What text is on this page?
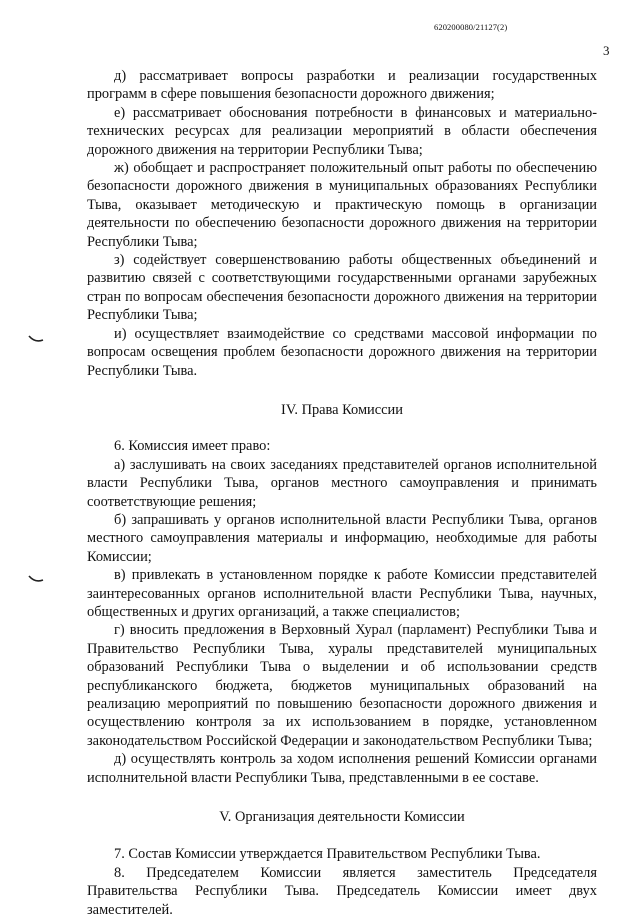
620200080/21127(2)
3

д) рассматривает вопросы разработки и реализации государственных программ в сфере повышения безопасности дорожного движения;

е) рассматривает обоснования потребности в финансовых и материально-технических ресурсах для реализации мероприятий в области обеспечения дорожного движения на территории Республики Тыва;

ж) обобщает и распространяет положительный опыт работы по обеспечению безопасности дорожного движения в муниципальных образованиях Республики Тыва, оказывает методическую и практическую помощь в организации деятельности по обеспечению безопасности дорожного движения на территории Республики Тыва;

з) содействует совершенствованию работы общественных объединений и развитию связей с соответствующими государственными органами зарубежных стран по вопросам обеспечения безопасности дорожного движения на территории Республики Тыва;

и) осуществляет взаимодействие со средствами массовой информации по вопросам освещения проблем безопасности дорожного движения на территории Республики Тыва.

IV. Права Комиссии

6. Комиссия имеет право:

а) заслушивать на своих заседаниях представителей органов исполнительной власти Республики Тыва, органов местного самоуправления и принимать соответствующие решения;

б) запрашивать у органов исполнительной власти Республики Тыва, органов местного самоуправления материалы и информацию, необходимые для работы Комиссии;

в) привлекать в установленном порядке к работе Комиссии представителей заинтересованных органов исполнительной власти Республики Тыва, научных, общественных и других организаций, а также специалистов;

г) вносить предложения в Верховный Хурал (парламент) Республики Тыва и Правительство Республики Тыва, хуралы представителей муниципальных образований Республики Тыва о выделении и об использовании средств республиканского бюджета, бюджетов муниципальных образований на реализацию мероприятий по повышению безопасности дорожного движения и осуществлению контроля за их использованием в порядке, установленном законодательством Российской Федерации и законодательством Республики Тыва;

д) осуществлять контроль за ходом исполнения решений Комиссии органами исполнительной власти Республики Тыва, представленными в ее составе.

V. Организация деятельности Комиссии

7. Состав Комиссии утверждается Правительством Республики Тыва.

8. Председателем Комиссии является заместитель Председателя Правительства Республики Тыва. Председатель Комиссии имеет двух заместителей.
